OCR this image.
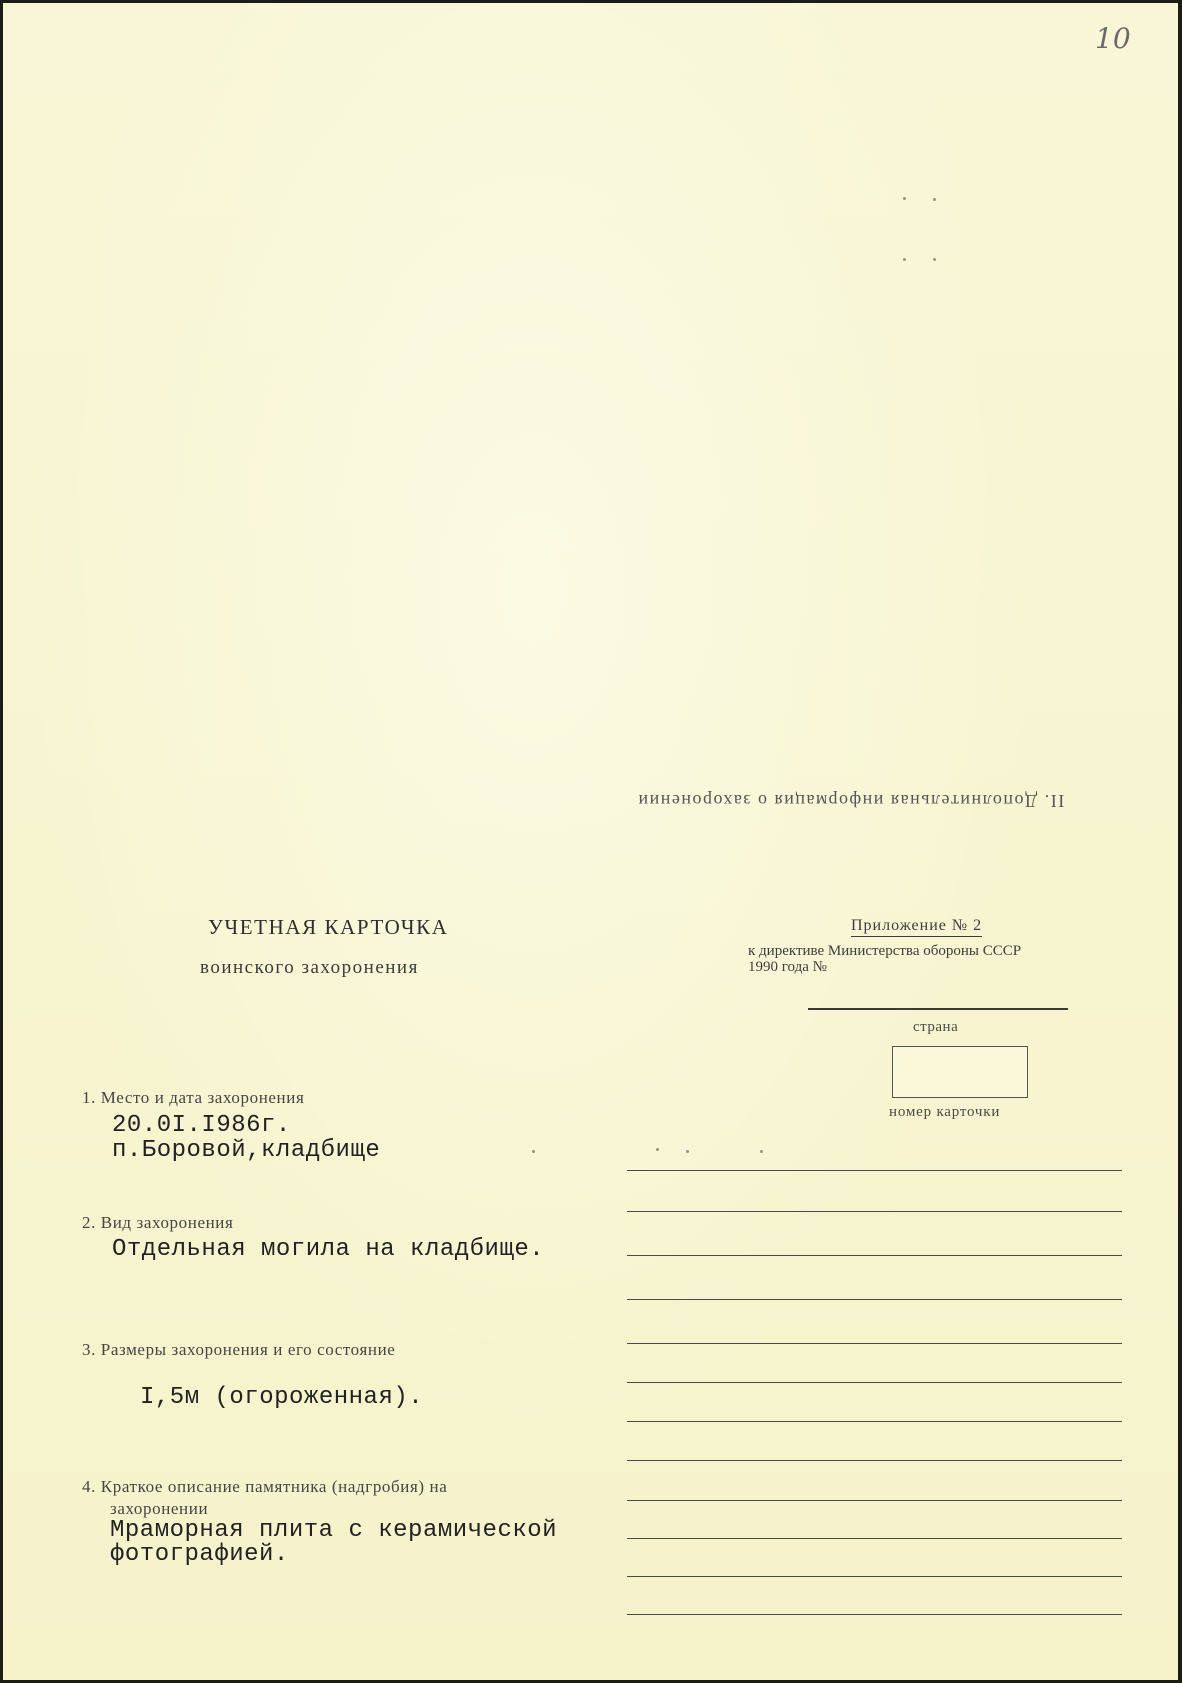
10
II. Дополнительная информация о захоронении
УЧЕТНАЯ КАРТОЧКА
воинского захоронения
Приложение № 2
к директиве Министерства обороны СССР
1990 года №
страна
номер карточки
1. Место и дата захоронения
20.0I.I986г.
п.Боровой,кладбище
2. Вид захоронения
Отдельная могила на кладбище.
3. Размеры захоронения и его состояние
I,5м (огороженная).
4. Краткое описание памятника (надгробия) на
захоронении
Мраморная плита с керамической
фотографией.
